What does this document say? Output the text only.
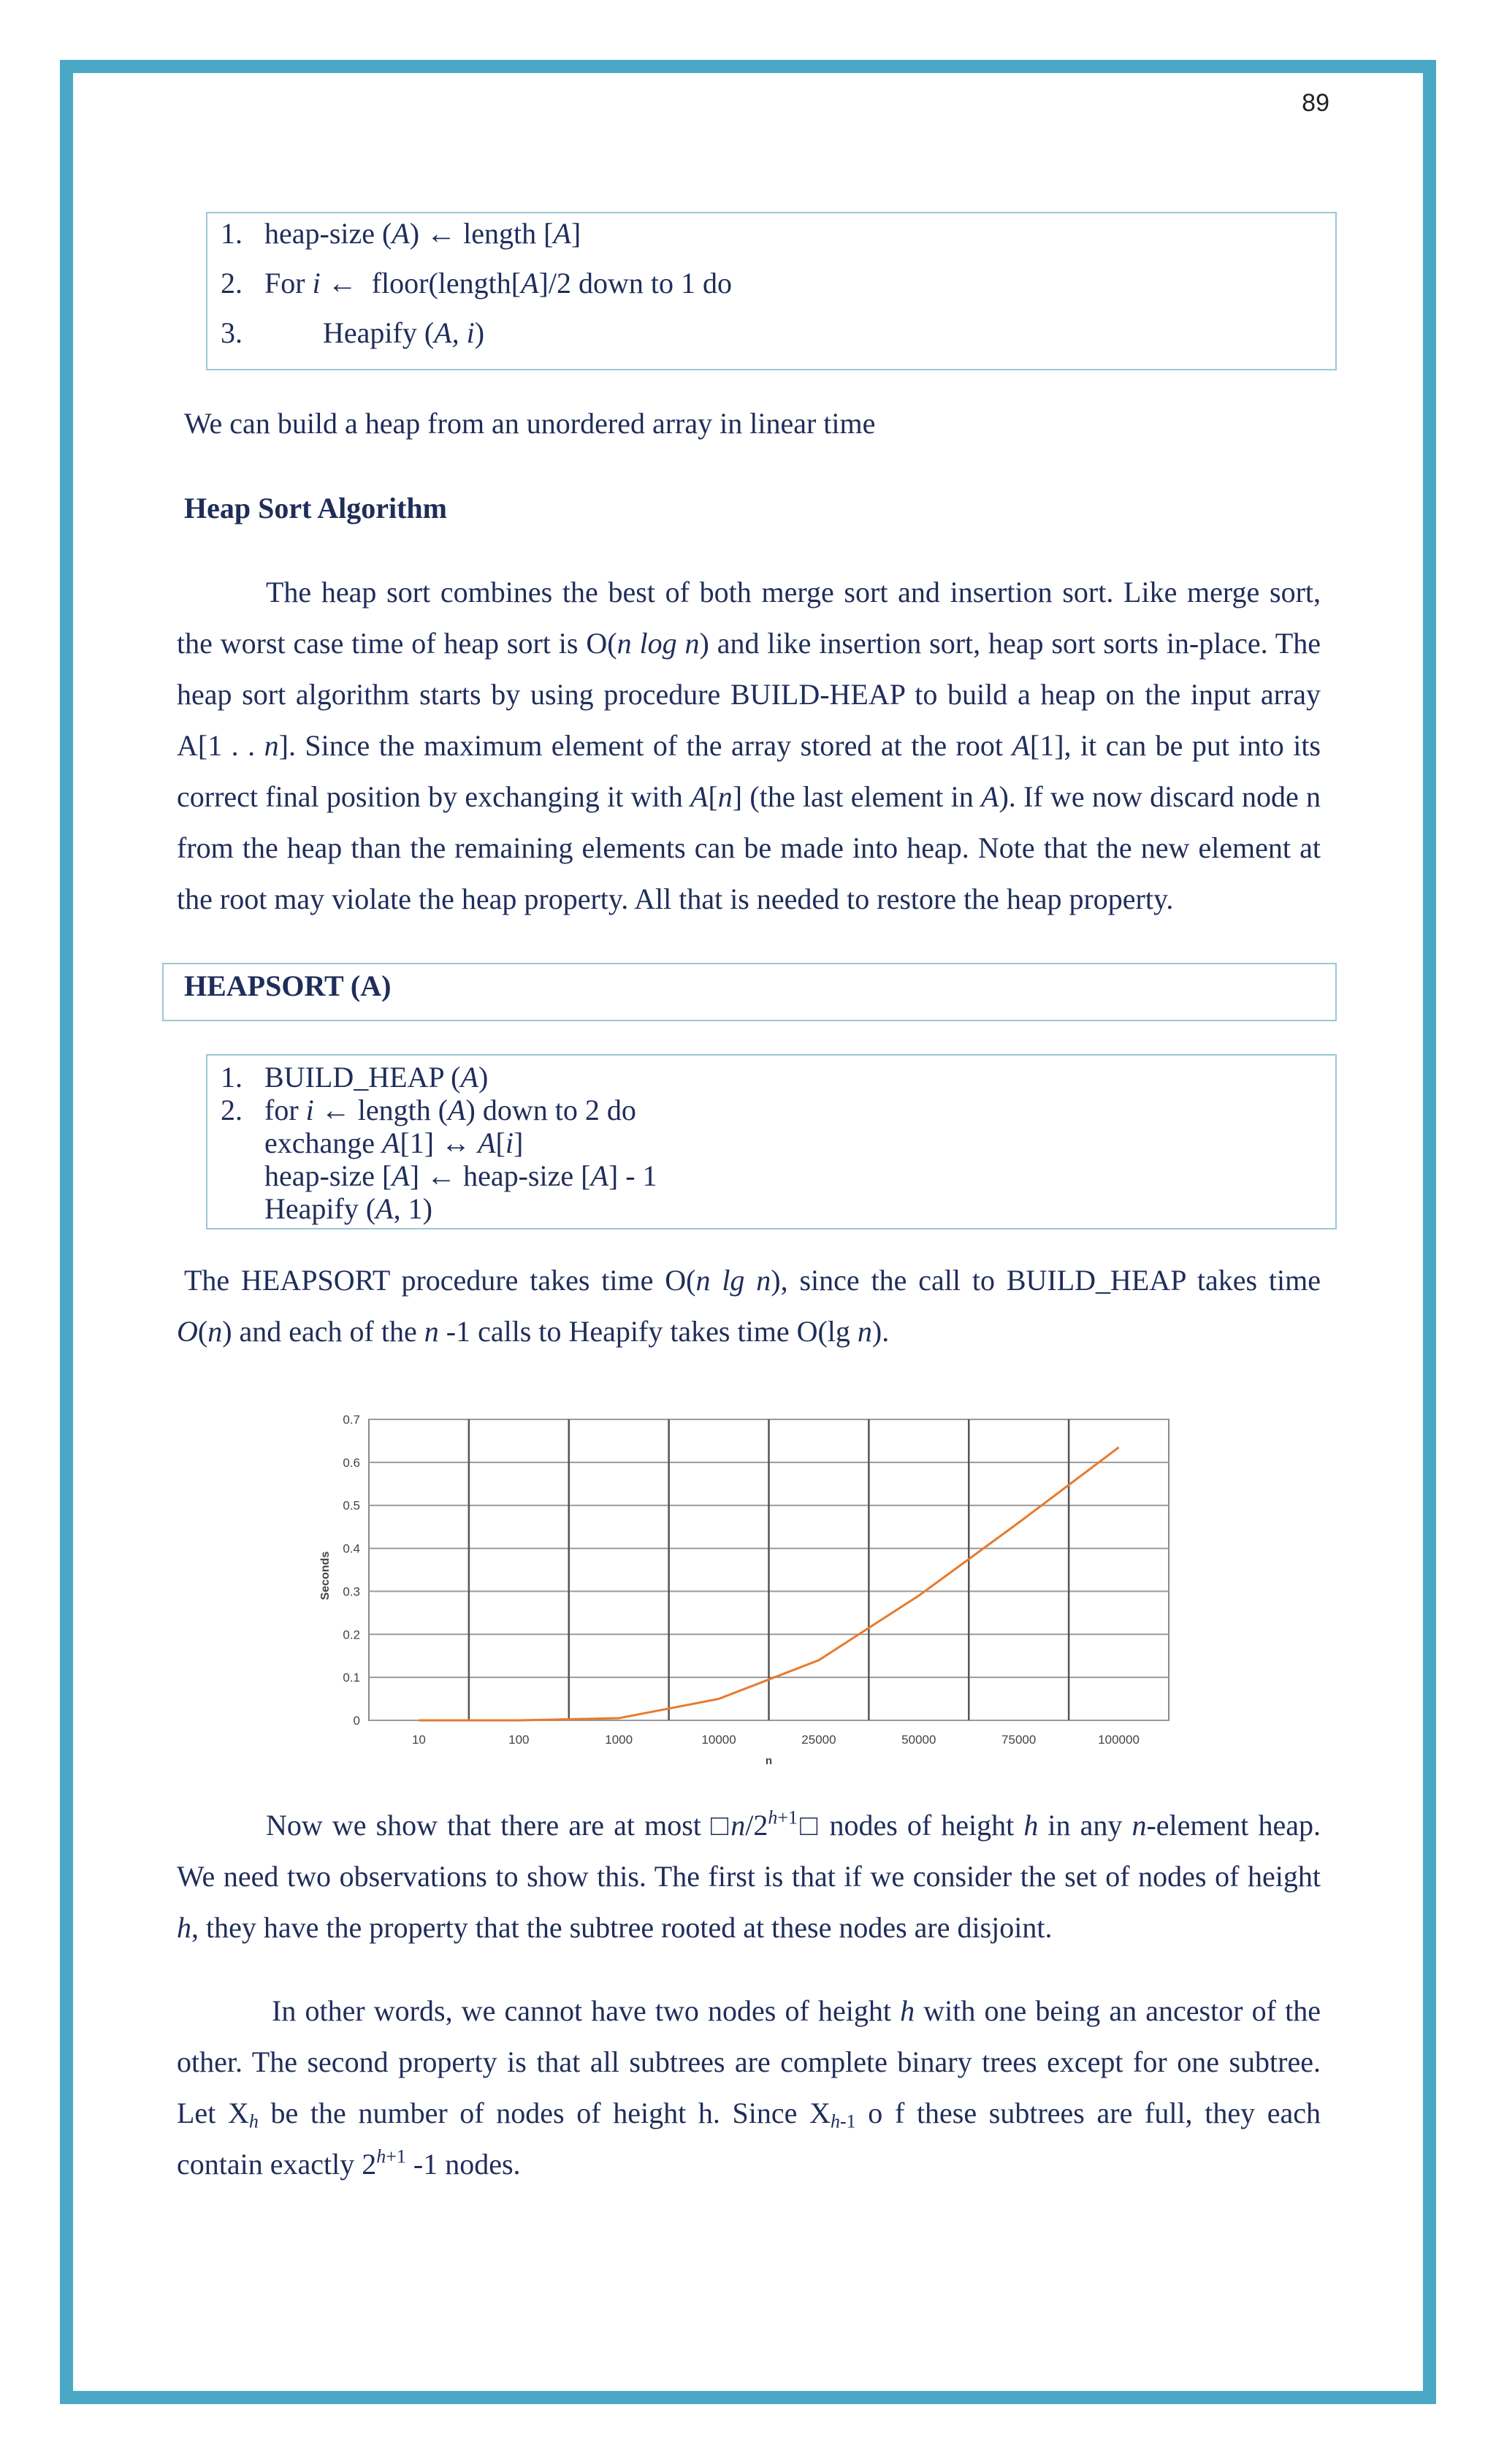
89
1. heap-size (A) ← length [A]
2. For i ←  floor(length[A]/2 down to 1 do
3.        Heapify (A, i)
We can build a heap from an unordered array in linear time
Heap Sort Algorithm
The heap sort combines the best of both merge sort and insertion sort. Like merge sort, the worst case time of heap sort is O(n log n) and like insertion sort, heap sort sorts in-place. The heap sort algorithm starts by using procedure BUILD-HEAP to build a heap on the input array A[1 . . n]. Since the maximum element of the array stored at the root A[1], it can be put into its correct final position by exchanging it with A[n] (the last element in A). If we now discard node n from the heap than the remaining elements can be made into heap. Note that the new element at the root may violate the heap property. All that is needed to restore the heap property.
HEAPSORT (A)
1. BUILD_HEAP (A)
2. for i ← length (A) down to 2 do
exchange A[1] ↔ A[i]
heap-size [A] ← heap-size [A] - 1
Heapify (A, 1)
The HEAPSORT procedure takes time O(n lg n), since the call to BUILD_HEAP takes time O(n) and each of the n -1 calls to Heapify takes time O(lg n).
0
0.1
0.2
0.3
0.4
0.5
0.6
0.7
10	100	1000	10000	25000	50000	75000	100000
n
Seconds
Now we show that there are at most $□n/2^{h+1}□$ nodes of height h in any n-element heap. We need two observations to show this. The first is that if we consider the set of nodes of height h, they have the property that the subtree rooted at these nodes are disjoint.
In other words, we cannot have two nodes of height h with one being an ancestor of the other. The second property is that all subtrees are complete binary trees except for one subtree. Let $X_h$ be the number of nodes of height h. Since $X_{h-1}$ o f these subtrees are full, they each contain exactly $2^{h+1}$ -1 nodes.
